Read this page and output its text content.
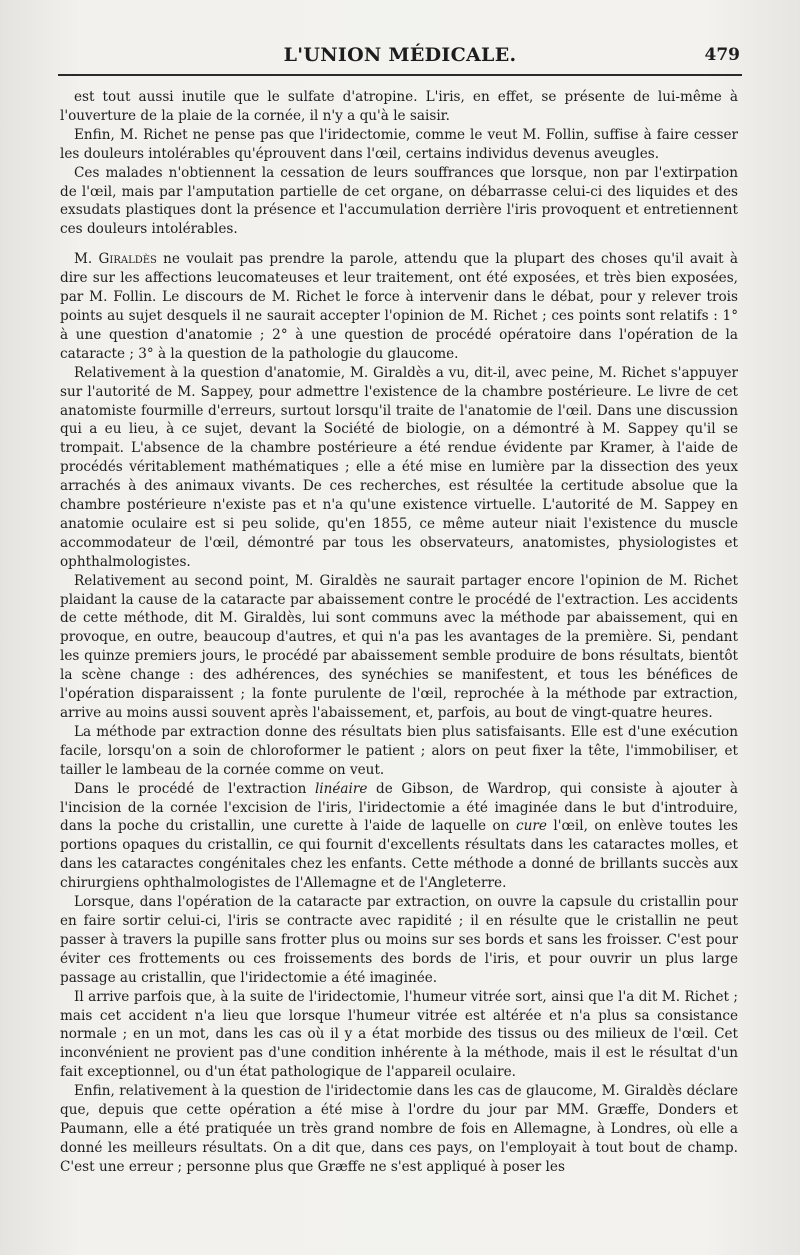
L'UNION MÉDICALE.	479

est tout aussi inutile que le sulfate d'atropine. L'iris, en effet, se présente de lui-même à l'ouverture de la plaie de la cornée, il n'y a qu'à le saisir.

Enfin, M. Richet ne pense pas que l'iridectomie, comme le veut M. Follin, suffise à faire cesser les douleurs intolérables qu'éprouvent dans l'œil, certains individus devenus aveugles.

Ces malades n'obtiennent la cessation de leurs souffrances que lorsque, non par l'extirpation de l'œil, mais par l'amputation partielle de cet organe, on débarrasse celui-ci des liquides et des exsudats plastiques dont la présence et l'accumulation derrière l'iris provoquent et entretiennent ces douleurs intolérables.

M. Giraldès ne voulait pas prendre la parole, attendu que la plupart des choses qu'il avait à dire sur les affections leucomateuses et leur traitement, ont été exposées, et très bien exposées, par M. Follin. Le discours de M. Richet le force à intervenir dans le débat, pour y relever trois points au sujet desquels il ne saurait accepter l'opinion de M. Richet ; ces points sont relatifs : 1° à une question d'anatomie ; 2° à une question de procédé opératoire dans l'opération de la cataracte ; 3° à la question de la pathologie du glaucome.

Relativement à la question d'anatomie, M. Giraldès a vu, dit-il, avec peine, M. Richet s'appuyer sur l'autorité de M. Sappey, pour admettre l'existence de la chambre postérieure. Le livre de cet anatomiste fourmille d'erreurs, surtout lorsqu'il traite de l'anatomie de l'œil. Dans une discussion qui a eu lieu, à ce sujet, devant la Société de biologie, on a démontré à M. Sappey qu'il se trompait. L'absence de la chambre postérieure a été rendue évidente par Kramer, à l'aide de procédés véritablement mathématiques ; elle a été mise en lumière par la dissection des yeux arrachés à des animaux vivants. De ces recherches, est résultée la certitude absolue que la chambre postérieure n'existe pas et n'a qu'une existence virtuelle. L'autorité de M. Sappey en anatomie oculaire est si peu solide, qu'en 1855, ce même auteur niait l'existence du muscle accommodateur de l'œil, démontré par tous les observateurs, anatomistes, physiologistes et ophthalmologistes.

Relativement au second point, M. Giraldès ne saurait partager encore l'opinion de M. Richet plaidant la cause de la cataracte par abaissement contre le procédé de l'extraction. Les accidents de cette méthode, dit M. Giraldès, lui sont communs avec la méthode par abaissement, qui en provoque, en outre, beaucoup d'autres, et qui n'a pas les avantages de la première. Si, pendant les quinze premiers jours, le procédé par abaissement semble produire de bons résultats, bientôt la scène change : des adhérences, des synéchies se manifestent, et tous les bénéfices de l'opération disparaissent ; la fonte purulente de l'œil, reprochée à la méthode par extraction, arrive au moins aussi souvent après l'abaissement, et, parfois, au bout de vingt-quatre heures.

La méthode par extraction donne des résultats bien plus satisfaisants. Elle est d'une exécution facile, lorsqu'on a soin de chloroformer le patient ; alors on peut fixer la tête, l'immobiliser, et tailler le lambeau de la cornée comme on veut.

Dans le procédé de l'extraction linéaire de Gibson, de Wardrop, qui consiste à ajouter à l'incision de la cornée l'excision de l'iris, l'iridectomie a été imaginée dans le but d'introduire, dans la poche du cristallin, une curette à l'aide de laquelle on cure l'œil, on enlève toutes les portions opaques du cristallin, ce qui fournit d'excellents résultats dans les cataractes molles, et dans les cataractes congénitales chez les enfants. Cette méthode a donné de brillants succès aux chirurgiens ophthalmologistes de l'Allemagne et de l'Angleterre.

Lorsque, dans l'opération de la cataracte par extraction, on ouvre la capsule du cristallin pour en faire sortir celui-ci, l'iris se contracte avec rapidité ; il en résulte que le cristallin ne peut passer à travers la pupille sans frotter plus ou moins sur ses bords et sans les froisser. C'est pour éviter ces frottements ou ces froissements des bords de l'iris, et pour ouvrir un plus large passage au cristallin, que l'iridectomie a été imaginée.

Il arrive parfois que, à la suite de l'iridectomie, l'humeur vitrée sort, ainsi que l'a dit M. Richet ; mais cet accident n'a lieu que lorsque l'humeur vitrée est altérée et n'a plus sa consistance normale ; en un mot, dans les cas où il y a état morbide des tissus ou des milieux de l'œil. Cet inconvénient ne provient pas d'une condition inhérente à la méthode, mais il est le résultat d'un fait exceptionnel, ou d'un état pathologique de l'appareil oculaire.

Enfin, relativement à la question de l'iridectomie dans les cas de glaucome, M. Giraldès déclare que, depuis que cette opération a été mise à l'ordre du jour par MM. Græffe, Donders et Paumann, elle a été pratiquée un très grand nombre de fois en Allemagne, à Londres, où elle a donné les meilleurs résultats. On a dit que, dans ces pays, on l'employait à tout bout de champ. C'est une erreur ; personne plus que Græffe ne s'est appliqué à poser les
